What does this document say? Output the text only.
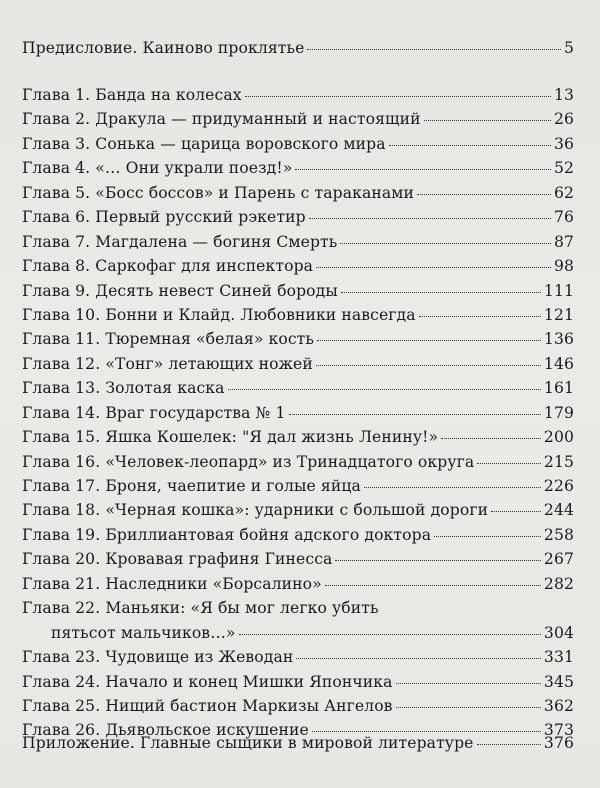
Предисловие. Каиново проклятье	5
Глава 1. Банда на колесах	13
Глава 2. Дракула — придуманный и настоящий	26
Глава 3. Сонька — царица воровского мира	36
Глава 4. «… Они украли поезд!»	52
Глава 5. «Босс боссов» и Парень с тараканами	62
Глава 6. Первый русский рэкетир	76
Глава 7. Магдалена — богиня Смерть	87
Глава 8. Саркофаг для инспектора	98
Глава 9. Десять невест Синей бороды	111
Глава 10. Бонни и Клайд. Любовники навсегда	121
Глава 11. Тюремная «белая» кость	136
Глава 12. «Тонг» летающих ножей	146
Глава 13. Золотая каска	161
Глава 14. Враг государства № 1	179
Глава 15. Яшка Кошелек: "Я дал жизнь Ленину!»	200
Глава 16. «Человек-леопард» из Тринадцатого округа	215
Глава 17. Броня, чаепитие и голые яйца	226
Глава 18. «Черная кошка»: ударники с большой дороги	244
Глава 19. Бриллиантовая бойня адского доктора	258
Глава 20. Кровавая графиня Гинесса	267
Глава 21. Наследники «Борсалино»	282
Глава 22. Маньяки: «Я бы мог легко убить
пятьсот мальчиков…»	304
Глава 23. Чудовище из Жеводан	331
Глава 24. Начало и конец Мишки Япончика	345
Глава 25. Нищий бастион Маркизы Ангелов	362
Глава 26. Дьявольское искушение	373
Приложение. Главные сыщики в мировой литературе	376
